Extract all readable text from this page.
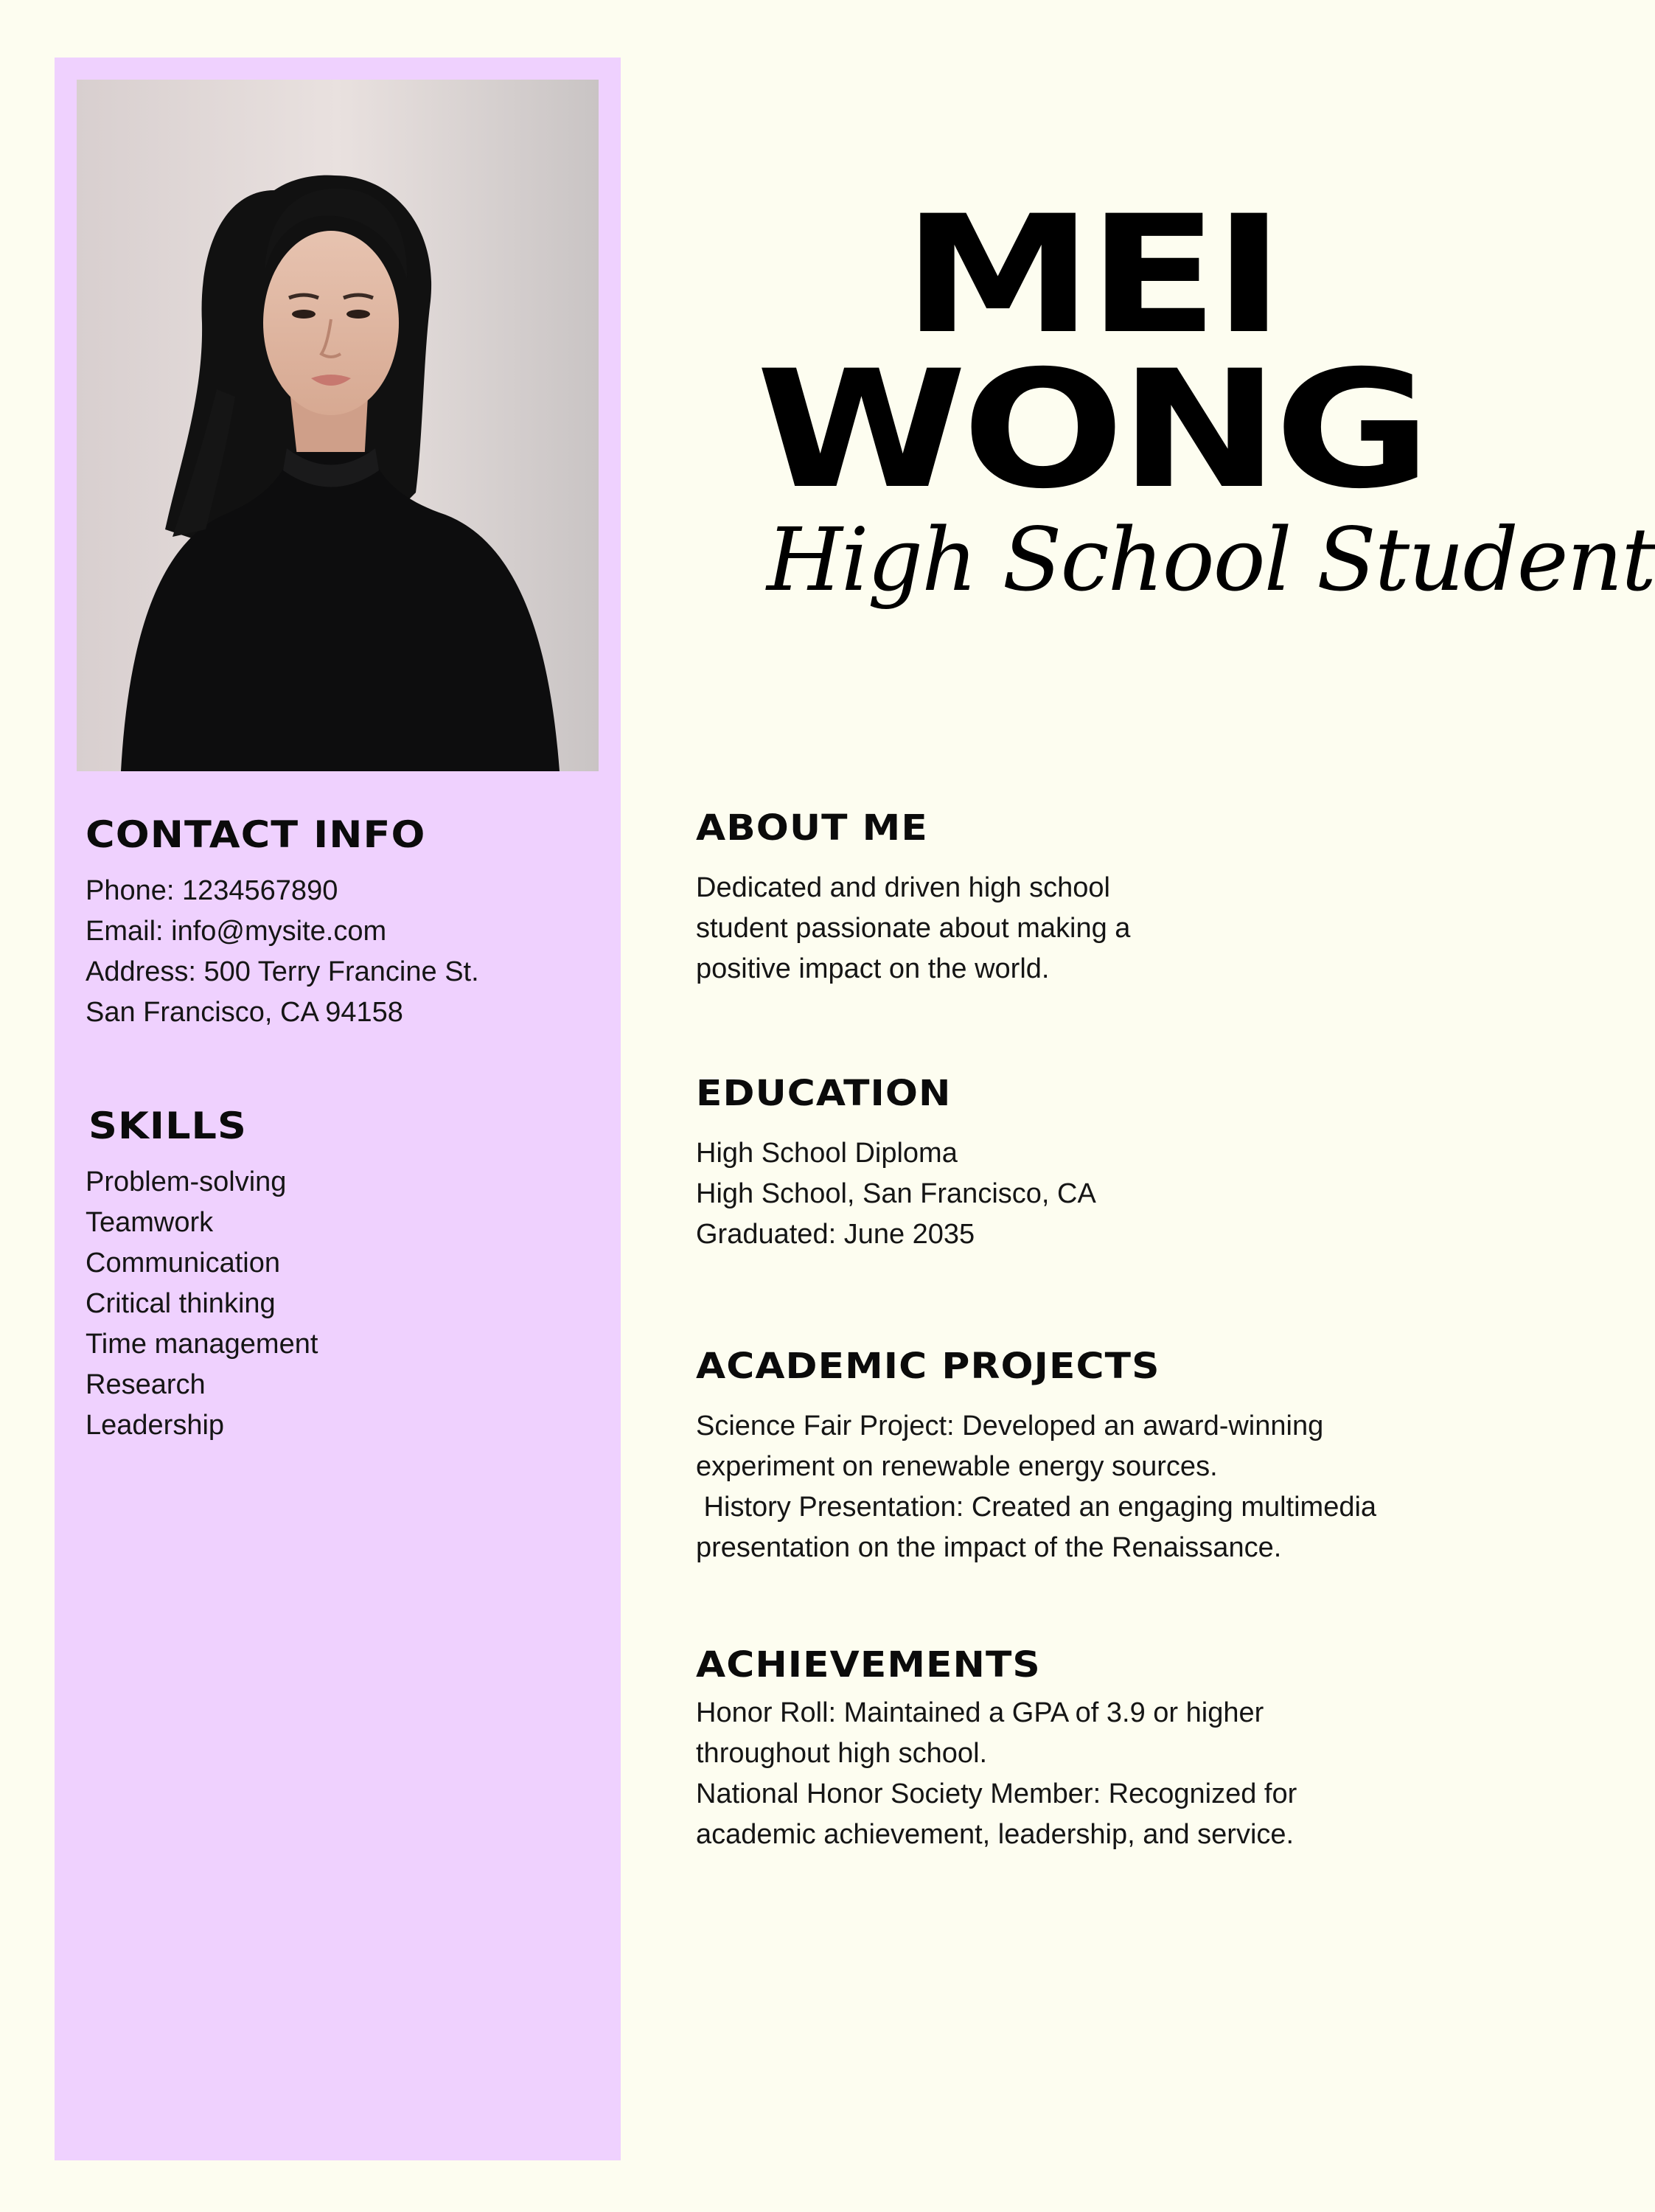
CONTACT INFO
Phone: 1234567890
Email: info@mysite.com
Address: 500 Terry Francine St.
San Francisco, CA 94158
SKILLS
Problem-solving
Teamwork
Communication
Critical thinking
Time management
Research
Leadership
MEI
WONG
High School Student
ABOUT ME
Dedicated and driven high school
student passionate about making a
positive impact on the world.
EDUCATION
High School Diploma
High School, San Francisco, CA
Graduated: June 2035
ACADEMIC PROJECTS
Science Fair Project: Developed an award-winning
experiment on renewable energy sources.
History Presentation: Created an engaging multimedia
presentation on the impact of the Renaissance.
ACHIEVEMENTS
Honor Roll: Maintained a GPA of 3.9 or higher
throughout high school.
National Honor Society Member: Recognized for
academic achievement, leadership, and service.
